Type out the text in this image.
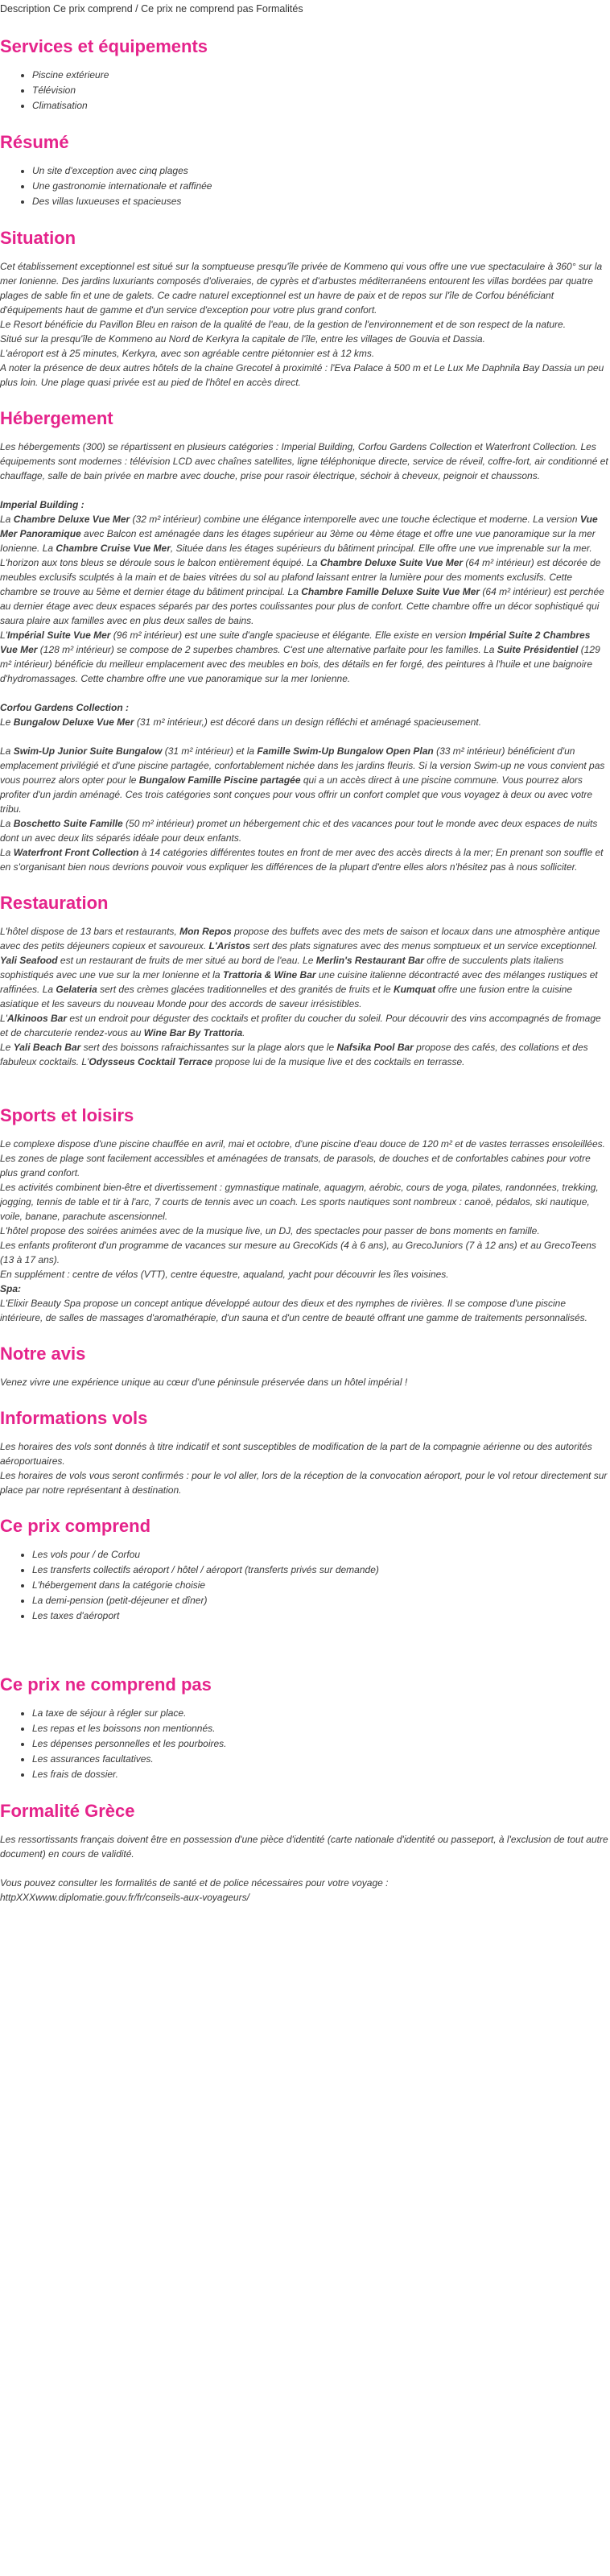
Description Ce prix comprend / Ce prix ne comprend pas Formalités
Services et équipements
• Piscine extérieure
• Télévision
• Climatisation
Résumé
• Un site d'exception avec cinq plages
• Une gastronomie internationale et raffinée
• Des villas luxueuses et spacieuses
Situation
Cet établissement exceptionnel est situé sur la somptueuse presqu'île privée de Kommeno qui vous offre une vue spectaculaire à 360° sur la mer Ionienne. Des jardins luxuriants composés d'oliveraies, de cyprès et d'arbustes méditerranéens entourent les villas bordées par quatre plages de sable fin et une de galets. Ce cadre naturel exceptionnel est un havre de paix et de repos sur l'île de Corfou bénéficiant d'équipements haut de gamme et d'un service d'exception pour votre plus grand confort.
Le Resort bénéficie du Pavillon Bleu en raison de la qualité de l'eau, de la gestion de l'environnement et de son respect de la nature.
Situé sur la presqu'île de Kommeno au Nord de Kerkyra la capitale de l'île, entre les villages de Gouvia et Dassia.
L'aéroport est à 25 minutes, Kerkyra, avec son agréable centre piétonnier est à 12 kms.
A noter la présence de deux autres hôtels de la chaine Grecotel à proximité : l'Eva Palace à 500 m et Le Lux Me Daphnila Bay Dassia un peu plus loin. Une plage quasi privée est au pied de l'hôtel en accès direct.
Hébergement
Les hébergements (300) se répartissent en plusieurs catégories : Imperial Building, Corfou Gardens Collection et Waterfront Collection. Les équipements sont modernes : télévision LCD avec chaînes satellites, ligne téléphonique directe, service de réveil, coffre-fort, air conditionné et chauffage, salle de bain privée en marbre avec douche, prise pour rasoir électrique, séchoir à cheveux, peignoir et chaussons.
Imperial Building :
La Chambre Deluxe Vue Mer (32 m² intérieur) combine une élégance intemporelle avec une touche éclectique et moderne. La version Vue Mer Panoramique avec Balcon est aménagée dans les étages supérieur au 3ème ou 4ème étage et offre une vue panoramique sur la mer Ionienne. La Chambre Cruise Vue Mer, Située dans les étages supérieurs du bâtiment principal. Elle offre une vue imprenable sur la mer. L'horizon aux tons bleus se déroule sous le balcon entièrement équipé. La Chambre Deluxe Suite Vue Mer (64 m² intérieur) est décorée de meubles exclusifs sculptés à la main et de baies vitrées du sol au plafond laissant entrer la lumière pour des moments exclusifs. Cette chambre se trouve au 5ème et dernier étage du bâtiment principal. La Chambre Famille Deluxe Suite Vue Mer (64 m² intérieur) est perchée au dernier étage avec deux espaces séparés par des portes coulissantes pour plus de confort. Cette chambre offre un décor sophistiqué qui saura plaire aux familles avec en plus deux salles de bains.
L'Impérial Suite Vue Mer (96 m² intérieur) est une suite d'angle spacieuse et élégante. Elle existe en version Impérial Suite 2 Chambres Vue Mer (128 m² intérieur) se compose de 2 superbes chambres. C'est une alternative parfaite pour les familles. La Suite Présidentiel (129 m² intérieur) bénéficie du meilleur emplacement avec des meubles en bois, des détails en fer forgé, des peintures à l'huile et une baignoire d'hydromassages. Cette chambre offre une vue panoramique sur la mer Ionienne.
Corfou Gardens Collection :
Le Bungalow Deluxe Vue Mer (31 m² intérieur,) est décoré dans un design réfléchi et aménagé spacieusement.
La Swim-Up Junior Suite Bungalow (31 m² intérieur) et la Famille Swim-Up Bungalow Open Plan (33 m² intérieur) bénéficient d'un emplacement privilégié et d'une piscine partagée, confortablement nichée dans les jardins fleuris. Si la version Swim-up ne vous convient pas vous pourrez alors opter pour le Bungalow Famille Piscine partagée qui a un accès direct à une piscine commune. Vous pourrez alors profiter d'un jardin aménagé. Ces trois catégories sont conçues pour vous offrir un confort complet que vous voyagez à deux ou avec votre tribu.
La Boschetto Suite Famille (50 m² intérieur) promet un hébergement chic et des vacances pour tout le monde avec deux espaces de nuits dont un avec deux lits séparés idéale pour deux enfants.
La Waterfront Front Collection à 14 catégories différentes toutes en front de mer avec des accès directs à la mer; En prenant son souffle et en s'organisant bien nous devrions pouvoir vous expliquer les différences de la plupart d'entre elles alors n'hésitez pas à nous solliciter.
Restauration
L'hôtel dispose de 13 bars et restaurants, Mon Repos propose des buffets avec des mets de saison et locaux dans une atmosphère antique avec des petits déjeuners copieux et savoureux. L'Aristos sert des plats signatures avec des menus somptueux et un service exceptionnel. Yali Seafood est un restaurant de fruits de mer situé au bord de l'eau. Le Merlin's Restaurant Bar offre de succulents plats italiens sophistiqués avec une vue sur la mer Ionienne et la Trattoria & Wine Bar une cuisine italienne décontracté avec des mélanges rustiques et raffinées. La Gelateria sert des crèmes glacées traditionnelles et des granités de fruits et le Kumquat offre une fusion entre la cuisine asiatique et les saveurs du nouveau Monde pour des accords de saveur irrésistibles.
L'Alkinoos Bar est un endroit pour déguster des cocktails et profiter du coucher du soleil. Pour découvrir des vins accompagnés de fromage et de charcuterie rendez-vous au Wine Bar By Trattoria.
Le Yali Beach Bar sert des boissons rafraichissantes sur la plage alors que le Nafsika Pool Bar propose des cafés, des collations et des fabuleux cocktails. L'Odysseus Cocktail Terrace propose lui de la musique live et des cocktails en terrasse.
Sports et loisirs
Le complexe dispose d'une piscine chauffée en avril, mai et octobre, d'une piscine d'eau douce de 120 m² et de vastes terrasses ensoleillées. Les zones de plage sont facilement accessibles et aménagées de transats, de parasols, de douches et de confortables cabines pour votre plus grand confort.
Les activités combinent bien-être et divertissement : gymnastique matinale, aquagym, aérobic, cours de yoga, pilates, randonnées, trekking, jogging, tennis de table et tir à l'arc, 7 courts de tennis avec un coach. Les sports nautiques sont nombreux : canoë, pédalos, ski nautique, voile, banane, parachute ascensionnel.
L'hôtel propose des soirées animées avec de la musique live, un DJ, des spectacles pour passer de bons moments en famille.
Les enfants profiteront d'un programme de vacances sur mesure au GrecoKids (4 à 6 ans), au GrecoJuniors (7 à 12 ans) et au GrecoTeens (13 à 17 ans).
En supplément : centre de vélos (VTT), centre équestre, aqualand, yacht pour découvrir les îles voisines.
Spa:
L'Elixir Beauty Spa propose un concept antique développé autour des dieux et des nymphes de rivières. Il se compose d'une piscine intérieure, de salles de massages d'aromathérapie, d'un sauna et d'un centre de beauté offrant une gamme de traitements personnalisés.
Notre avis
Venez vivre une expérience unique au cœur d'une péninsule préservée dans un hôtel impérial !
Informations vols
Les horaires des vols sont donnés à titre indicatif et sont susceptibles de modification de la part de la compagnie aérienne ou des autorités aéroportuaires.
Les horaires de vols vous seront confirmés : pour le vol aller, lors de la réception de la convocation aéroport, pour le vol retour directement sur place par notre représentant à destination.
Ce prix comprend
• Les vols pour / de Corfou
• Les transferts collectifs aéroport / hôtel / aéroport (transferts privés sur demande)
• L'hébergement dans la catégorie choisie
• La demi-pension (petit-déjeuner et dîner)
• Les taxes d'aéroport
Ce prix ne comprend pas
• La taxe de séjour à régler sur place.
• Les repas et les boissons non mentionnés.
• Les dépenses personnelles et les pourboires.
• Les assurances facultatives.
• Les frais de dossier.
Formalité Grèce
Les ressortissants français doivent être en possession d'une pièce d'identité (carte nationale d'identité ou passeport, à l'exclusion de tout autre document) en cours de validité.
Vous pouvez consulter les formalités de santé et de police nécessaires pour votre voyage :
httpXXXwww.diplomatie.gouv.fr/fr/conseils-aux-voyageurs/
